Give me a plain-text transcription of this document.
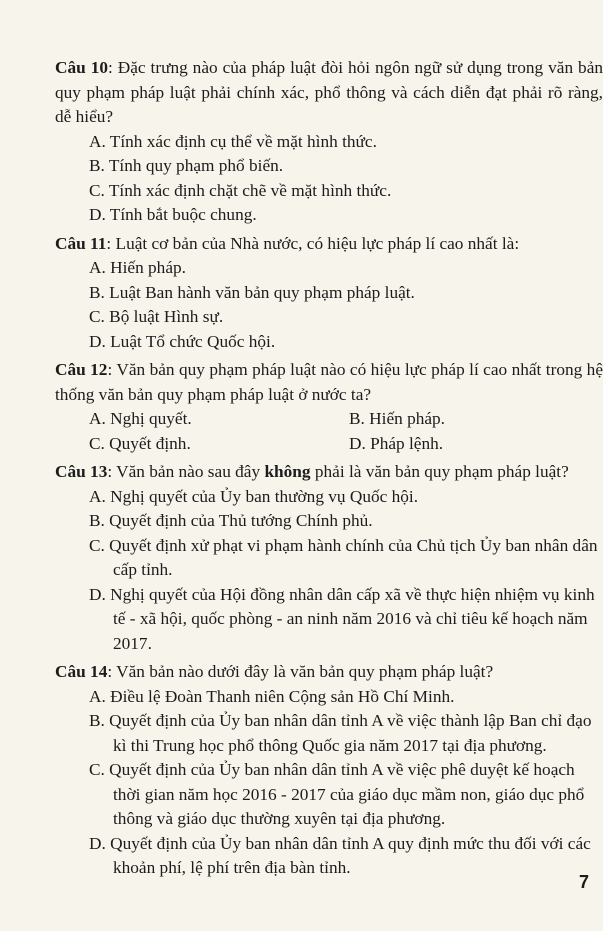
Câu 10: Đặc trưng nào của pháp luật đòi hỏi ngôn ngữ sử dụng trong văn bản quy phạm pháp luật phải chính xác, phổ thông và cách diễn đạt phải rõ ràng, dễ hiểu?
A. Tính xác định cụ thể về mặt hình thức.
B. Tính quy phạm phổ biến.
C. Tính xác định chặt chẽ về mặt hình thức.
D. Tính bắt buộc chung.
Câu 11: Luật cơ bản của Nhà nước, có hiệu lực pháp lí cao nhất là:
A. Hiến pháp.
B. Luật Ban hành văn bản quy phạm pháp luật.
C. Bộ luật Hình sự.
D. Luật Tổ chức Quốc hội.
Câu 12: Văn bản quy phạm pháp luật nào có hiệu lực pháp lí cao nhất trong hệ thống văn bản quy phạm pháp luật ở nước ta?
A. Nghị quyết.	B. Hiến pháp.
C. Quyết định.	D. Pháp lệnh.
Câu 13: Văn bản nào sau đây không phải là văn bản quy phạm pháp luật?
A. Nghị quyết của Ủy ban thường vụ Quốc hội.
B. Quyết định của Thủ tướng Chính phủ.
C. Quyết định xử phạt vi phạm hành chính của Chủ tịch Ủy ban nhân dân cấp tỉnh.
D. Nghị quyết của Hội đồng nhân dân cấp xã về thực hiện nhiệm vụ kinh tế - xã hội, quốc phòng - an ninh năm 2016 và chỉ tiêu kế hoạch năm 2017.
Câu 14: Văn bản nào dưới đây là văn bản quy phạm pháp luật?
A. Điều lệ Đoàn Thanh niên Cộng sản Hồ Chí Minh.
B. Quyết định của Ủy ban nhân dân tỉnh A về việc thành lập Ban chỉ đạo kì thi Trung học phổ thông Quốc gia năm 2017 tại địa phương.
C. Quyết định của Ủy ban nhân dân tỉnh A về việc phê duyệt kế hoạch thời gian năm học 2016 - 2017 của giáo dục mầm non, giáo dục phổ thông và giáo dục thường xuyên tại địa phương.
D. Quyết định của Ủy ban nhân dân tỉnh A quy định mức thu đối với các khoản phí, lệ phí trên địa bàn tỉnh.
7
